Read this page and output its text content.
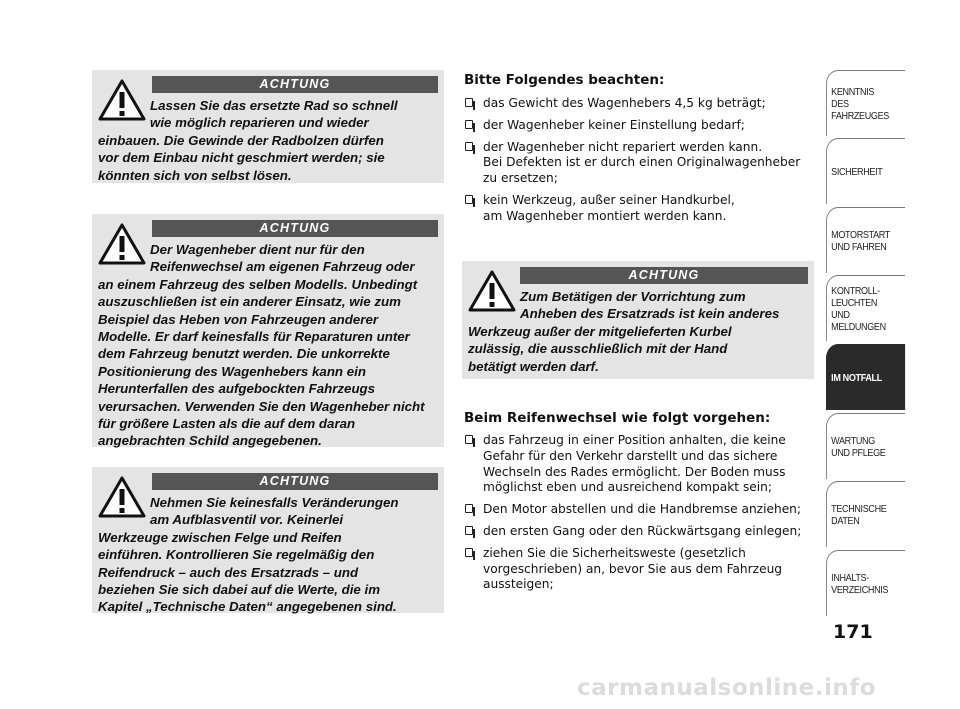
ACHTUNG
Lassen Sie das ersetzte Rad so schnell
wie möglich reparieren und wieder
einbauen. Die Gewinde der Radbolzen dürfen
vor dem Einbau nicht geschmiert werden; sie
könnten sich von selbst lösen.
ACHTUNG
Der Wagenheber dient nur für den
Reifenwechsel am eigenen Fahrzeug oder
an einem Fahrzeug des selben Modells. Unbedingt
auszuschließen ist ein anderer Einsatz, wie zum
Beispiel das Heben von Fahrzeugen anderer
Modelle. Er darf keinesfalls für Reparaturen unter
dem Fahrzeug benutzt werden. Die unkorrekte
Positionierung des Wagenhebers kann ein
Herunterfallen des aufgebockten Fahrzeugs
verursachen. Verwenden Sie den Wagenheber nicht
für größere Lasten als die auf dem daran
angebrachten Schild angegebenen.
ACHTUNG
Nehmen Sie keinesfalls Veränderungen
am Aufblasventil vor. Keinerlei
Werkzeuge zwischen Felge und Reifen
einführen. Kontrollieren Sie regelmäßig den
Reifendruck – auch des Ersatzrads – und
beziehen Sie sich dabei auf die Werte, die im
Kapitel „Technische Daten“ angegebenen sind.
Bitte Folgendes beachten:
das Gewicht des Wagenhebers 4,5 kg beträgt;
der Wagenheber keiner Einstellung bedarf;
der Wagenheber nicht repariert werden kann.
Bei Defekten ist er durch einen Originalwagenheber
zu ersetzen;
kein Werkzeug, außer seiner Handkurbel,
am Wagenheber montiert werden kann.
ACHTUNG
Zum Betätigen der Vorrichtung zum
Anheben des Ersatzrads ist kein anderes
Werkzeug außer der mitgelieferten Kurbel
zulässig, die ausschließlich mit der Hand
betätigt werden darf.
Beim Reifenwechsel wie folgt vorgehen:
das Fahrzeug in einer Position anhalten, die keine
Gefahr für den Verkehr darstellt und das sichere
Wechseln des Rades ermöglicht. Der Boden muss
möglichst eben und ausreichend kompakt sein;
Den Motor abstellen und die Handbremse anziehen;
den ersten Gang oder den Rückwärtsgang einlegen;
ziehen Sie die Sicherheitsweste (gesetzlich
vorgeschrieben) an, bevor Sie aus dem Fahrzeug
aussteigen;
KENNTNIS
DES FAHRZEUGES
SICHERHEIT
MOTORSTART
UND FAHREN
KONTROLL-
LEUCHTEN
UND MELDUNGEN
IM NOTFALL
WARTUNG
UND PFLEGE
TECHNISCHE
DATEN
INHALTS-
VERZEICHNIS
171
carmanualsonline.info
